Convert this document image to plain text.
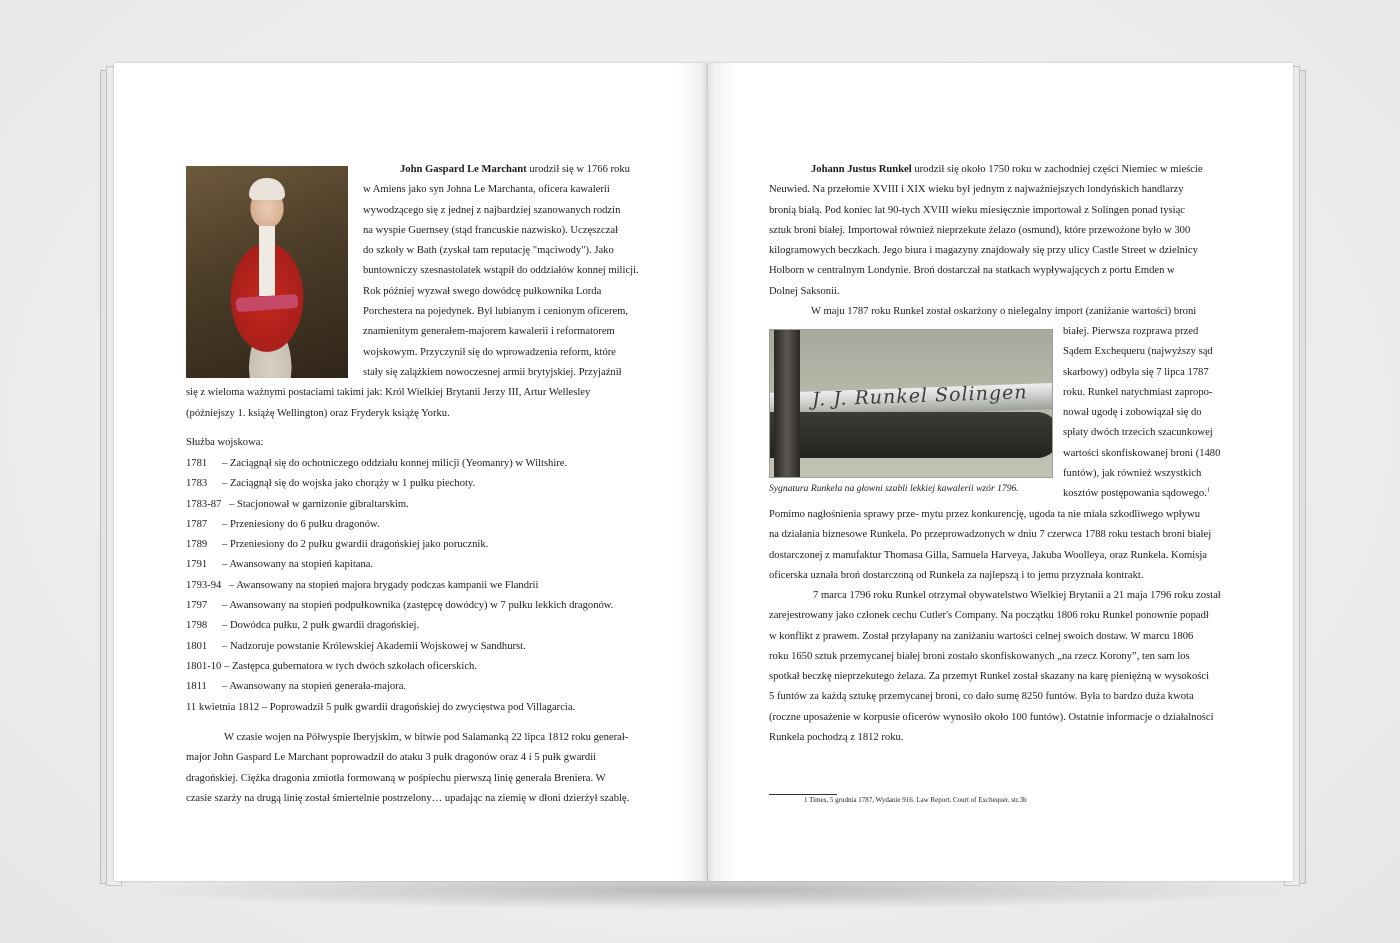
John Gaspard Le Marchant urodził się w 1766 roku

w Amiens jako syn Johna Le Marchanta, oficera kawalerii

wywodzącego się z jednej z najbardziej szanowanych rodzin

na wyspie Guernsey (stąd francuskie nazwisko). Uczęszczał

do szkoły w Bath (zyskał tam reputację "mąciwody"). Jako

buntowniczy szesnastolatek wstąpił do oddziałów konnej milicji.

Rok później wyzwał swego dowódcę pułkownika Lorda

Porchestera na pojedynek. Był lubianym i cenionym oficerem,

znamienitym generałem-majorem kawalerii i reformatorem

wojskowym. Przyczynił się do wprowadzenia reform, które

stały się zalążkiem nowoczesnej armii brytyjskiej. Przyjaźnił

się z wieloma ważnymi postaciami takimi jak: Król Wielkiej Brytanii Jerzy III, Artur Wellesley

(późniejszy 1. książę Wellington) oraz Fryderyk książę Yorku.

Służba wojskowa:
1781 – Zaciągnął się do ochotniczego oddziału konnej milicji (Yeomanry) w Wiltshire.
1783 – Zaciągnął się do wojska jako chorąży w 1 pułku piechoty.
1783-87 – Stacjonował w garnizonie gibraltarskim.
1787 – Przeniesiony do 6 pułku dragonów.
1789 – Przeniesiony do 2 pułku gwardii dragońskiej jako porucznik.
1791 – Awansowany na stopień kapitana.
1793-94 – Awansowany na stopień majora brygady podczas kampanii we Flandrii
1797 – Awansowany na stopień podpułkownika (zastępcę dowódcy) w 7 pułku lekkich dragonów.
1798 – Dowódca pułku, 2 pułk gwardii dragońskiej.
1801 – Nadzoruje powstanie Królewskiej Akademii Wojskowej w Sandhurst.
1801-10 – Zastępca gubernatora w tych dwóch szkołach oficerskich.
1811 – Awansowany na stopień generała-majora.
11 kwietnia 1812 – Poprowadził 5 pułk gwardii dragońskiej do zwycięstwa pod Villagarcia.

W czasie wojen na Półwyspie Iberyjskim, w bitwie pod Salamanką 22 lipca 1812 roku generał-

major John Gaspard Le Marchant poprowadził do ataku 3 pułk dragonów oraz 4 i 5 pułk gwardii

dragońskiej. Ciężka dragonia zmiotła formowaną w pośpiechu pierwszą linię generała Breniera. W

czasie szarży na drugą linię został śmiertelnie postrzelony… upadając na ziemię w dłoni dzierżył szablę.

Johann Justus Runkel urodził się około 1750 roku w zachodniej części Niemiec w mieście

Neuwied. Na przełomie XVIII i XIX wieku był jednym z najważniejszych londyńskich handlarzy

bronią białą. Pod koniec lat 90-tych XVIII wieku miesięcznie importował z Solingen ponad tysiąc

sztuk broni białej. Importował również nieprzekute żelazo (osmund), które przewożone było w 300

kilogramowych beczkach. Jego biura i magazyny znajdowały się przy ulicy Castle Street w dzielnicy

Holborn w centralnym Londynie. Broń dostarczał na statkach wypływających z portu Emden w

Dolnej Saksonii.

W maju 1787 roku Runkel został oskarżony o nielegalny import (zaniżanie wartości) broni

J. J. Runkel Solingen
Sygnatura Runkela na głowni szabli lekkiej kawalerii wzór 1796.

białej. Pierwsza rozprawa przed

Sądem Exchequeru (najwyższy sąd

skarbowy) odbyła się 7 lipca 1787

roku. Runkel natychmiast zapropo-

nował ugodę i zobowiązał się do

spłaty dwóch trzecich szacunkowej

wartości skonfiskowanej broni (1480

funtów), jak również wszystkich

kosztów postępowania sądowego.$^1$

Pomimo nagłośnienia sprawy prze- mytu przez konkurencję, ugoda ta nie miała szkodliwego wpływu

na działania biznesowe Runkela. Po przeprowadzonych w dniu 7 czerwca 1788 roku testach broni białej

dostarczonej z manufaktur Thomasa Gilla, Samuela Harveya, Jakuba Woolleya, oraz Runkela. Komisja

oficerska uznała broń dostarczoną od Runkela za najlepszą i to jemu przyznała kontrakt.

7 marca 1796 roku Runkel otrzymał obywatelstwo Wielkiej Brytanii a 21 maja 1796 roku został

zarejestrowany jako członek cechu Cutler's Company. Na początku 1806 roku Runkel ponownie popadł

w konflikt z prawem. Został przyłapany na zaniżaniu wartości celnej swoich dostaw. W marcu 1806

roku 1650 sztuk przemycanej białej broni zostało skonfiskowanych „na rzecz Korony”, ten sam los

spotkał beczkę nieprzekutego żelaza. Za przemyt Runkel został skazany na karę pieniężną w wysokości

5 funtów za każdą sztukę przemycanej broni, co dało sumę 8250 funtów. Była to bardzo duża kwota

(roczne uposażenie w korpusie oficerów wynosiło około 100 funtów). Ostatnie informacje o działalności

Runkela pochodzą z 1812 roku.

1 Times, 5 grudnia 1787, Wydanie 916. Law Report. Court of Exchequer. str.3b
